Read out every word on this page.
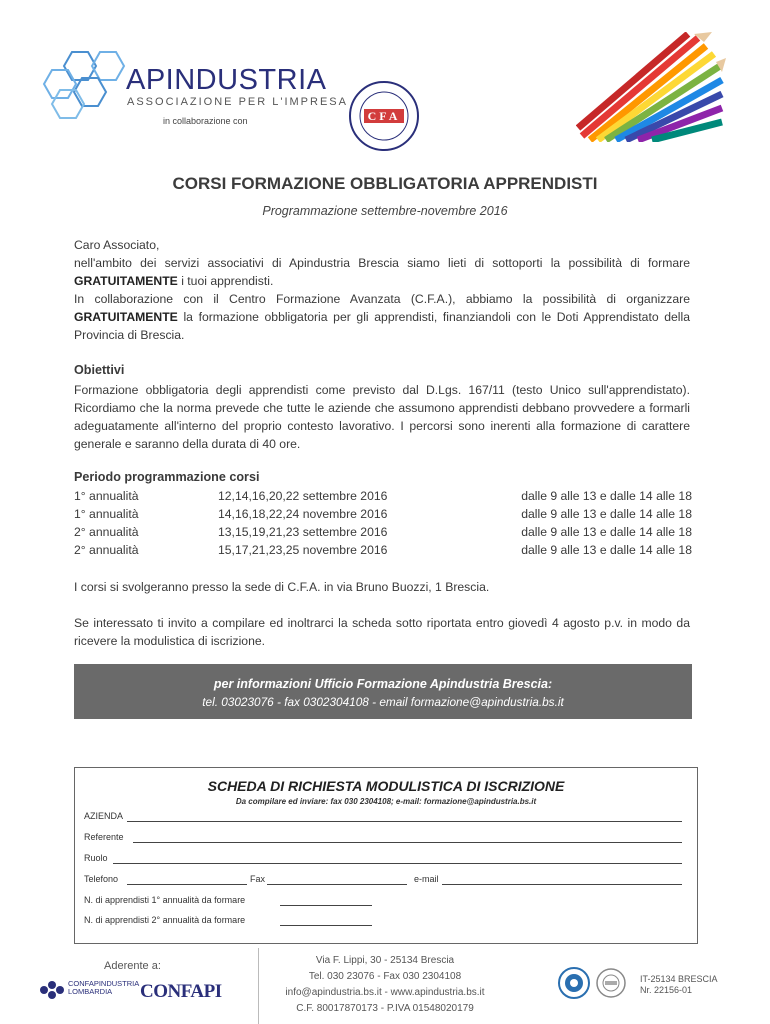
APINDUSTRIA
ASSOCIAZIONE PER L'IMPRESA
in collaborazione con	CFA
CORSI FORMAZIONE OBBLIGATORIA APPRENDISTI
Programmazione settembre-novembre 2016
Caro Associato,
nell'ambito dei servizi associativi di Apindustria Brescia siamo lieti di sottoporti la possibilità di formare GRATUITAMENTE i tuoi apprendisti.
In collaborazione con il Centro Formazione Avanzata (C.F.A.), abbiamo la possibilità di organizzare GRATUITAMENTE la formazione obbligatoria per gli apprendisti, finanziandoli con le Doti Apprendistato della Provincia di Brescia.
Obiettivi
Formazione obbligatoria degli apprendisti come previsto dal D.Lgs. 167/11 (testo Unico sull'apprendistato). Ricordiamo che la norma prevede che tutte le aziende che assumono apprendisti debbano provvedere a formarli adeguatamente all'interno del proprio contesto lavorativo. I percorsi sono inerenti alla formazione di carattere generale e saranno della durata di 40 ore.
Periodo programmazione corsi
1° annualità	12,14,16,20,22 settembre 2016	dalle 9 alle 13 e dalle 14 alle 18
1° annualità	14,16,18,22,24 novembre 2016	dalle 9 alle 13 e dalle 14 alle 18
2° annualità	13,15,19,21,23 settembre 2016	dalle 9 alle 13 e dalle 14 alle 18
2° annualità	15,17,21,23,25 novembre 2016	dalle 9 alle 13 e dalle 14 alle 18
I corsi si svolgeranno presso la sede di C.F.A. in via Bruno Buozzi, 1 Brescia.
Se interessato ti invito a compilare ed inoltrarci la scheda sotto riportata entro giovedì 4 agosto p.v. in modo da ricevere la modulistica di iscrizione.
per informazioni Ufficio Formazione Apindustria Brescia:
tel. 03023076 - fax 0302304108 - email formazione@apindustria.bs.it
SCHEDA DI RICHIESTA MODULISTICA DI ISCRIZIONE
Da compilare ed inviare: fax 030 2304108; e-mail: formazione@apindustria.bs.it
AZIENDA
Referente
Ruolo
Telefono	Fax	e-mail
N. di apprendisti 1° annualità da formare
N. di apprendisti 2° annualità da formare
Aderente a:
CONFAPINDUSTRIA LOMBARDIA	CONFAPI
Via F. Lippi, 30 - 25134 Brescia
Tel. 030 23076 - Fax 030 2304108
info@apindustria.bs.it - www.apindustria.bs.it
C.F. 80017870173 - P.IVA 01548020179
IT-25134 BRESCIA
Nr. 22156-01
